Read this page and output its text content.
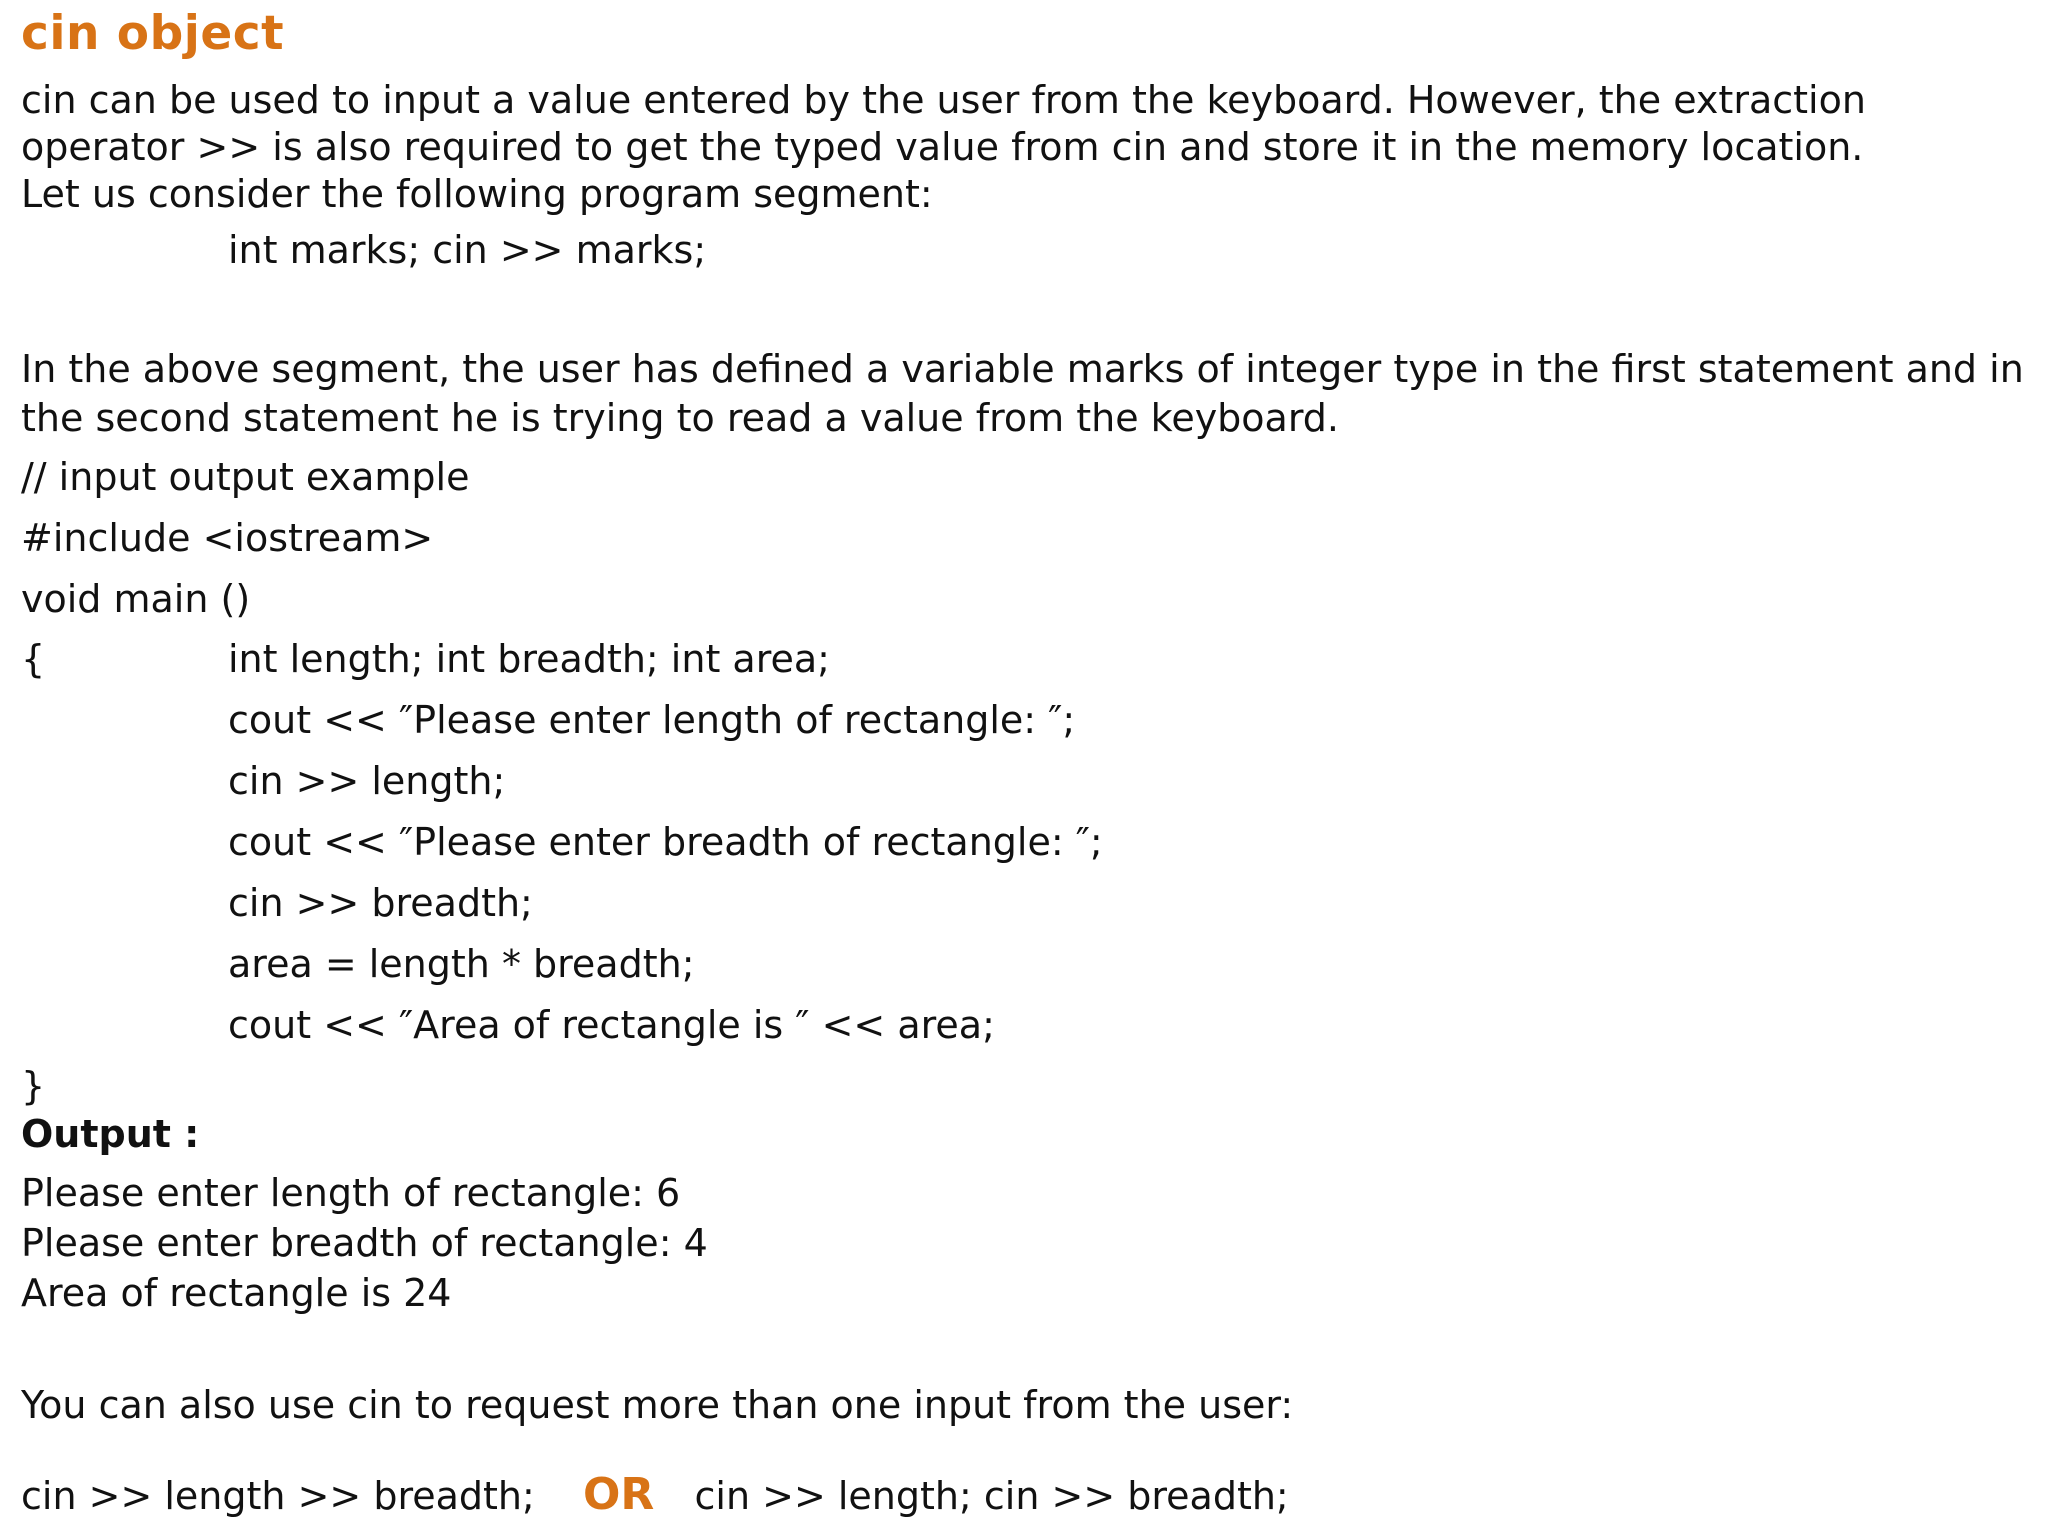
cin object
cin can be used to input a value entered by the user from the keyboard. However, the extraction
operator >> is also required to get the typed value from cin and store it in the memory location.
Let us consider the following program segment:
int marks; cin >> marks;
In the above segment, the user has defined a variable marks of integer type in the first statement and in
the second statement he is trying to read a value from the keyboard.
// input output example
#include <iostream>
void main ()
{	int length; int breadth; int area;
cout << ″Please enter length of rectangle: ″;
cin >> length;
cout << ″Please enter breadth of rectangle: ″;
cin >> breadth;
area = length * breadth;
cout << ″Area of rectangle is ″ << area;
}
Output :
Please enter length of rectangle: 6
Please enter breadth of rectangle: 4
Area of rectangle is 24
You can also use cin to request more than one input from the user:
cin >> length >> breadth; OR cin >> length; cin >> breadth;
